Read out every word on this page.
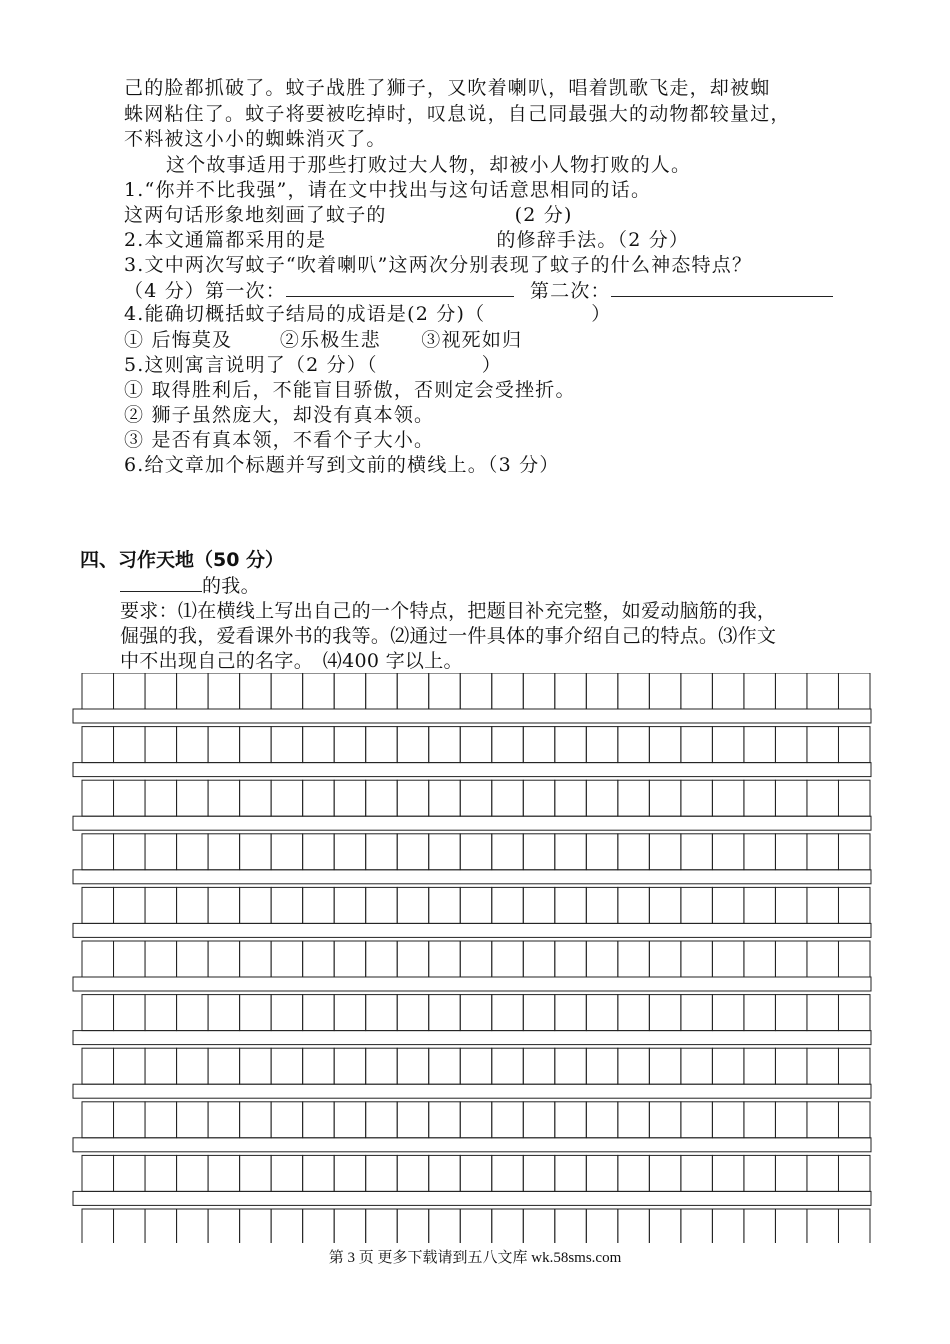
己的脸都抓破了。蚊子战胜了狮子，又吹着喇叭，唱着凯歌飞走，却被蜘
蛛网粘住了。蚊子将要被吃掉时，叹息说，自己同最强大的动物都较量过，
不料被这小小的蜘蛛消灭了。
这个故事适用于那些打败过大人物，却被小人物打败的人。
1.“你并不比我强”，请在文中找出与这句话意思相同的话。
这两句话形象地刻画了蚊子的	(2 分)
2.本文通篇都采用的是	的修辞手法。（2 分）
3.文中两次写蚊子“吹着喇叭”这两次分别表现了蚊子的什么神态特点？
（4 分）第一次：	第二次：
4.能确切概括蚊子结局的成语是(2 分)（	）
① 后悔莫及　　 ②乐极生悲　　③视死如归
5.这则寓言说明了（2 分）（	）
① 取得胜利后，不能盲目骄傲，否则定会受挫折。
② 狮子虽然庞大，却没有真本领。
③ 是否有真本领，不看个子大小。
6.给文章加个标题并写到文前的横线上。（3 分）
四、习作天地（50 分）
的我。
要求：⑴在横线上写出自己的一个特点，把题目补充完整，如爱动脑筋的我，
倔强的我，爱看课外书的我等。⑵通过一件具体的事介绍自己的特点。⑶作文
中不出现自己的名字。　⑷400 字以上。
第 3 页 更多下载请到五八文库 wk.58sms.com
